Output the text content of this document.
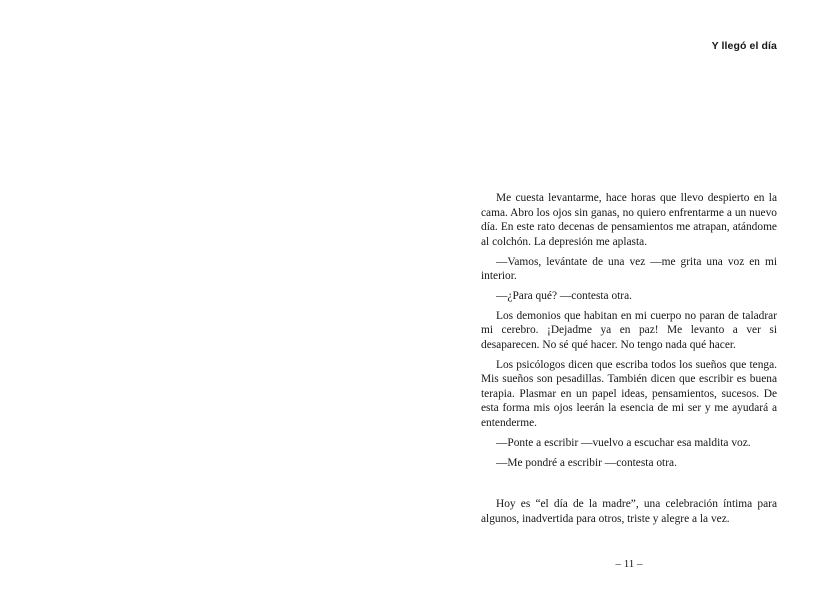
Y llegó el día

Me cuesta levantarme, hace horas que llevo despierto en la cama. Abro los ojos sin ganas, no quiero enfrentarme a un nuevo día. En este rato decenas de pensamientos me atrapan, atándome al colchón. La depresión me aplasta.

—Vamos, levántate de una vez —me grita una voz en mi interior.

—¿Para qué? —contesta otra.

Los demonios que habitan en mi cuerpo no paran de taladrar mi cerebro. ¡Dejadme ya en paz! Me levanto a ver si desaparecen. No sé qué hacer. No tengo nada qué hacer.

Los psicólogos dicen que escriba todos los sueños que tenga. Mis sueños son pesadillas. También dicen que escribir es buena terapia. Plasmar en un papel ideas, pensamientos, sucesos. De esta forma mis ojos leerán la esencia de mi ser y me ayudará a entenderme.

—Ponte a escribir —vuelvo a escuchar esa maldita voz.

—Me pondré a escribir —contesta otra.

Hoy es “el día de la madre”, una celebración íntima para algunos, inadvertida para otros, triste y alegre a la vez.

– 11 –
